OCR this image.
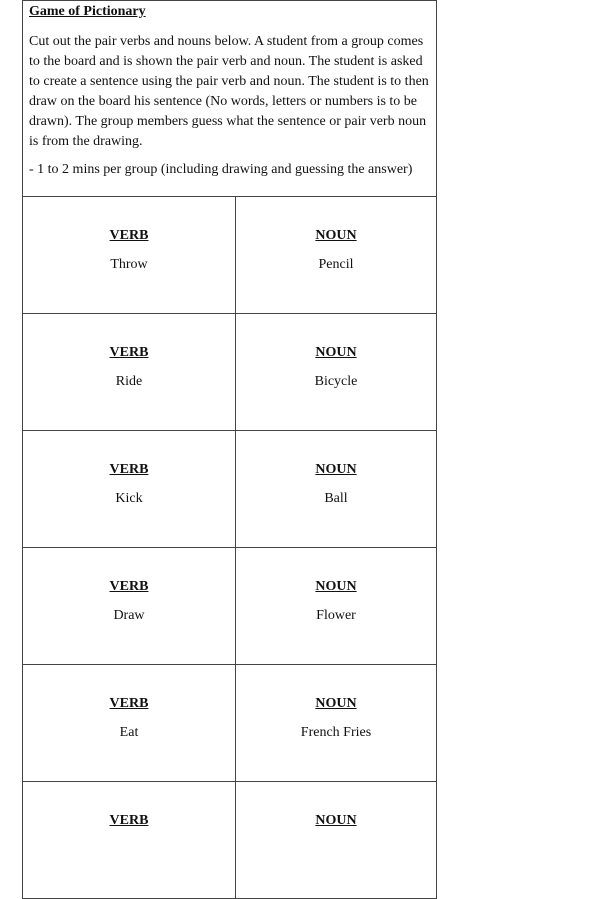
Game of Pictionary

Cut out the pair verbs and nouns below. A student from a group comes to the board and is shown the pair verb and noun. The student is asked to create a sentence using the pair verb and noun. The student is to then draw on the board his sentence (No words, letters or numbers is to be drawn). The group members guess what the sentence or pair verb noun is from the drawing.

- 1 to 2 mins per group (including drawing and guessing the answer)

VERB
Throw
NOUN
Pencil
VERB
Ride
NOUN
Bicycle
VERB
Kick
NOUN
Ball
VERB
Draw
NOUN
Flower
VERB
Eat
NOUN
French Fries
VERB	NOUN
